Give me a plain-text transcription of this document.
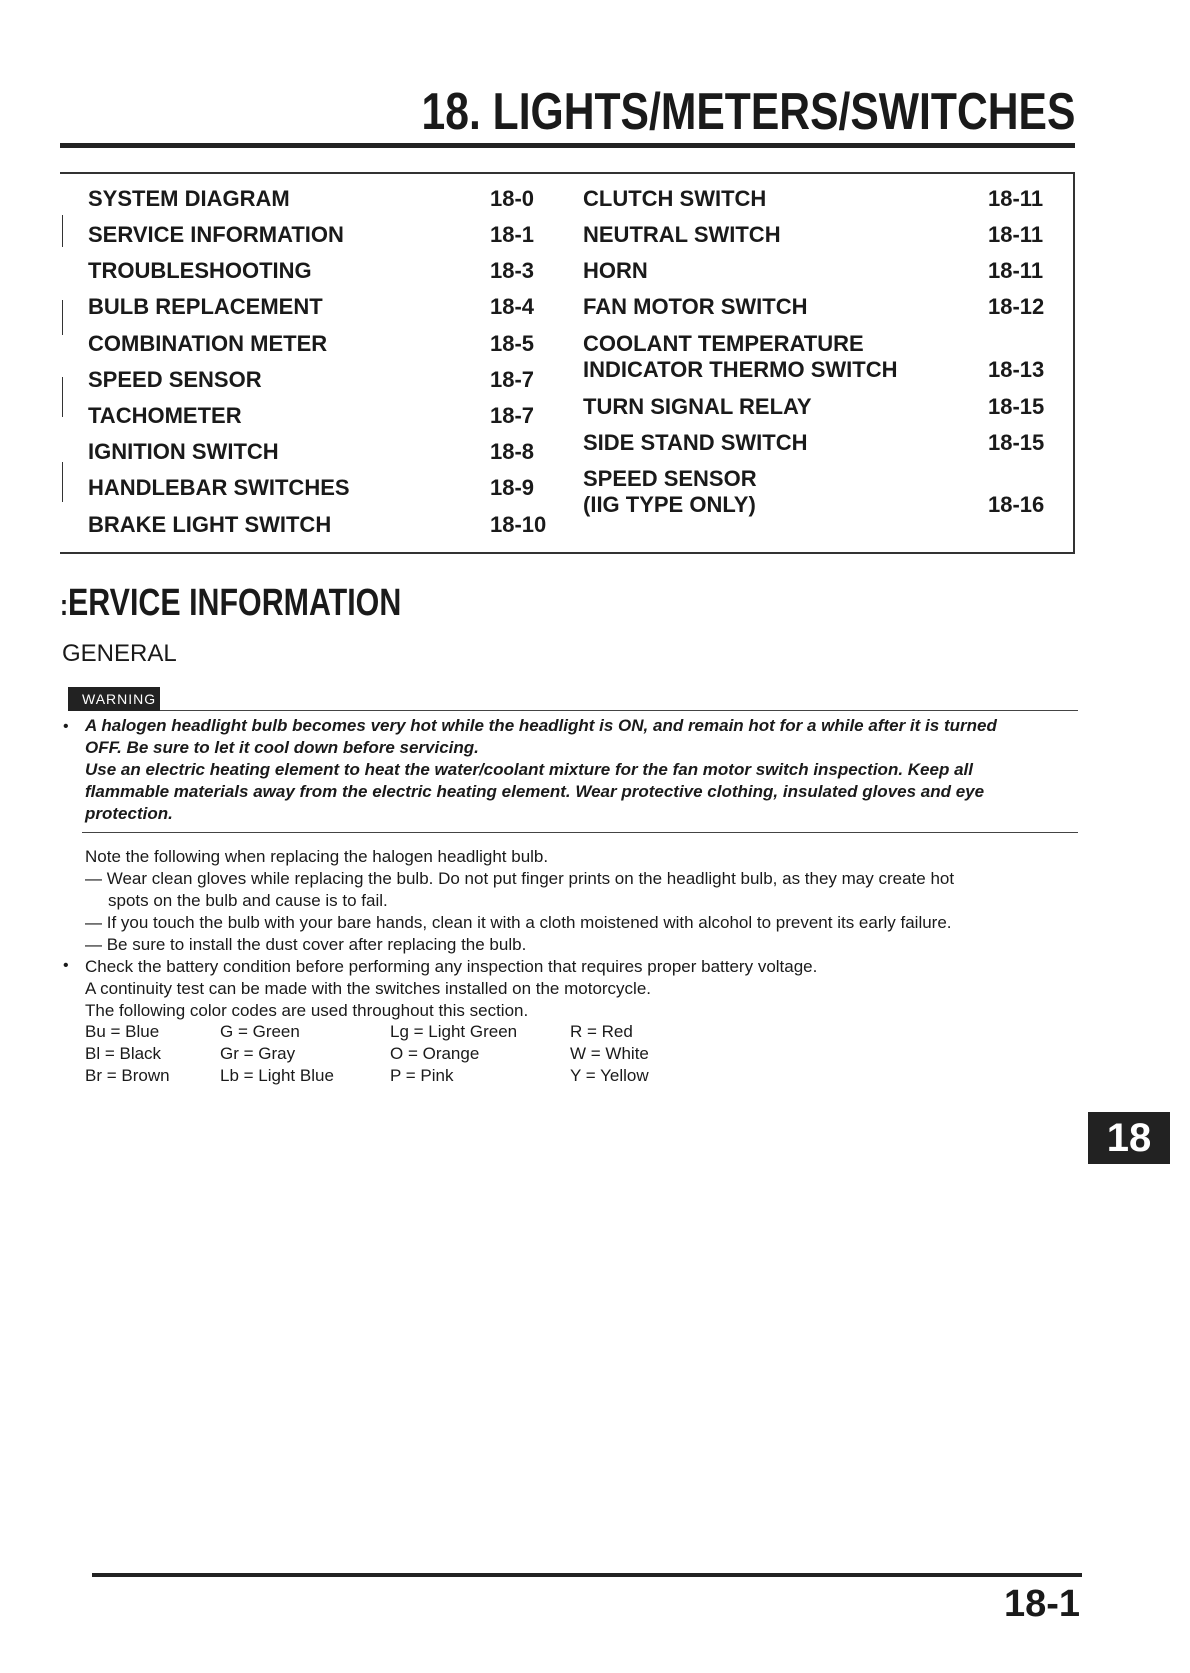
18. LIGHTS/METERS/SWITCHES
SYSTEM DIAGRAM	18-0
SERVICE INFORMATION	18-1
TROUBLESHOOTING	18-3
BULB REPLACEMENT	18-4
COMBINATION METER	18-5
SPEED SENSOR	18-7
TACHOMETER	18-7
IGNITION SWITCH	18-8
HANDLEBAR SWITCHES	18-9
BRAKE LIGHT SWITCH	18-10
CLUTCH SWITCH	18-11
NEUTRAL SWITCH	18-11
HORN	18-11
FAN MOTOR SWITCH	18-12
COOLANT TEMPERATURE
INDICATOR THERMO SWITCH	18-13
TURN SIGNAL RELAY	18-15
SIDE STAND SWITCH	18-15
SPEED SENSOR
(IIG TYPE ONLY)	18-16
:ERVICE INFORMATION
GENERAL
WARNING
• A halogen headlight bulb becomes very hot while the headlight is ON, and remain hot for a while after it is turned
OFF. Be sure to let it cool down before servicing.
Use an electric heating element to heat the water/coolant mixture for the fan motor switch inspection. Keep all
flammable materials away from the electric heating element. Wear protective clothing, insulated gloves and eye
protection.
Note the following when replacing the halogen headlight bulb.
— Wear clean gloves while replacing the bulb. Do not put finger prints on the headlight bulb, as they may create hot
spots on the bulb and cause is to fail.
— If you touch the bulb with your bare hands, clean it with a cloth moistened with alcohol to prevent its early failure.
— Be sure to install the dust cover after replacing the bulb.
• Check the battery condition before performing any inspection that requires proper battery voltage.
A continuity test can be made with the switches installed on the motorcycle.
The following color codes are used throughout this section.
Bu = Blue	G = Green	Lg = Light Green	R = Red
Bl = Black	Gr = Gray	O = Orange	W = White
Br = Brown	Lb = Light Blue	P = Pink	Y = Yellow
18
18-1
